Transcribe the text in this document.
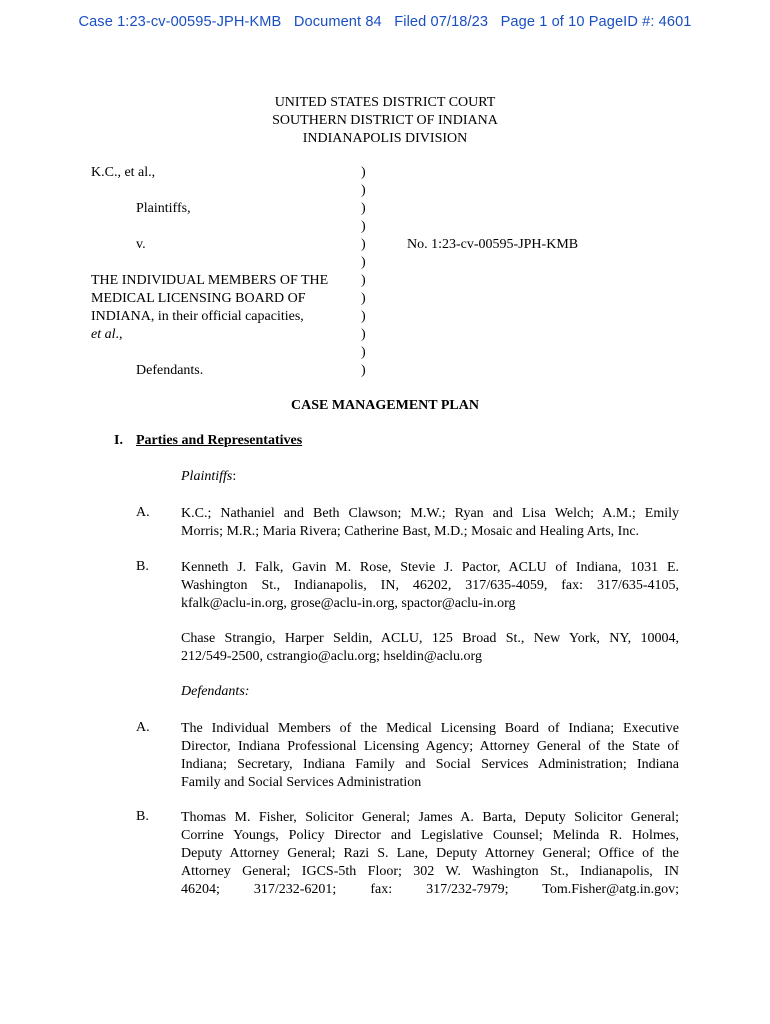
Case 1:23-cv-00595-JPH-KMB   Document 84   Filed 07/18/23   Page 1 of 10 PageID #: 4601
UNITED STATES DISTRICT COURT
SOUTHERN DISTRICT OF INDIANA
INDIANAPOLIS DIVISION
K.C., et al.,
Plaintiffs,
v.
THE INDIVIDUAL MEMBERS OF THE
MEDICAL LICENSING BOARD OF
INDIANA, in their official capacities,
et al.,
Defendants.
)
)
)
)
)
)
)
)
)
)
)
)
No. 1:23-cv-00595-JPH-KMB
CASE MANAGEMENT PLAN
I. Parties and Representatives
Plaintiffs:
A. K.C.; Nathaniel and Beth Clawson; M.W.; Ryan and Lisa Welch; A.M.; Emily
Morris; M.R.; Maria Rivera; Catherine Bast, M.D.; Mosaic and Healing Arts, Inc.
B. Kenneth J. Falk, Gavin M. Rose, Stevie J. Pactor, ACLU of Indiana, 1031 E.
Washington St., Indianapolis, IN, 46202, 317/635-4059, fax: 317/635-4105,
kfalk@aclu-in.org, grose@aclu-in.org, spactor@aclu-in.org
Chase Strangio, Harper Seldin, ACLU, 125 Broad St., New York, NY, 10004,
212/549-2500, cstrangio@aclu.org; hseldin@aclu.org
Defendants:
A. The Individual Members of the Medical Licensing Board of Indiana; Executive
Director, Indiana Professional Licensing Agency; Attorney General of the State of
Indiana; Secretary, Indiana Family and Social Services Administration; Indiana
Family and Social Services Administration
B. Thomas M. Fisher, Solicitor General; James A. Barta, Deputy Solicitor General;
Corrine Youngs, Policy Director and Legislative Counsel; Melinda R. Holmes,
Deputy Attorney General; Razi S. Lane, Deputy Attorney General; Office of the
Attorney General; IGCS-5th Floor; 302 W. Washington St., Indianapolis, IN
46204; 317/232-6201; fax: 317/232-7979; Tom.Fisher@atg.in.gov;
